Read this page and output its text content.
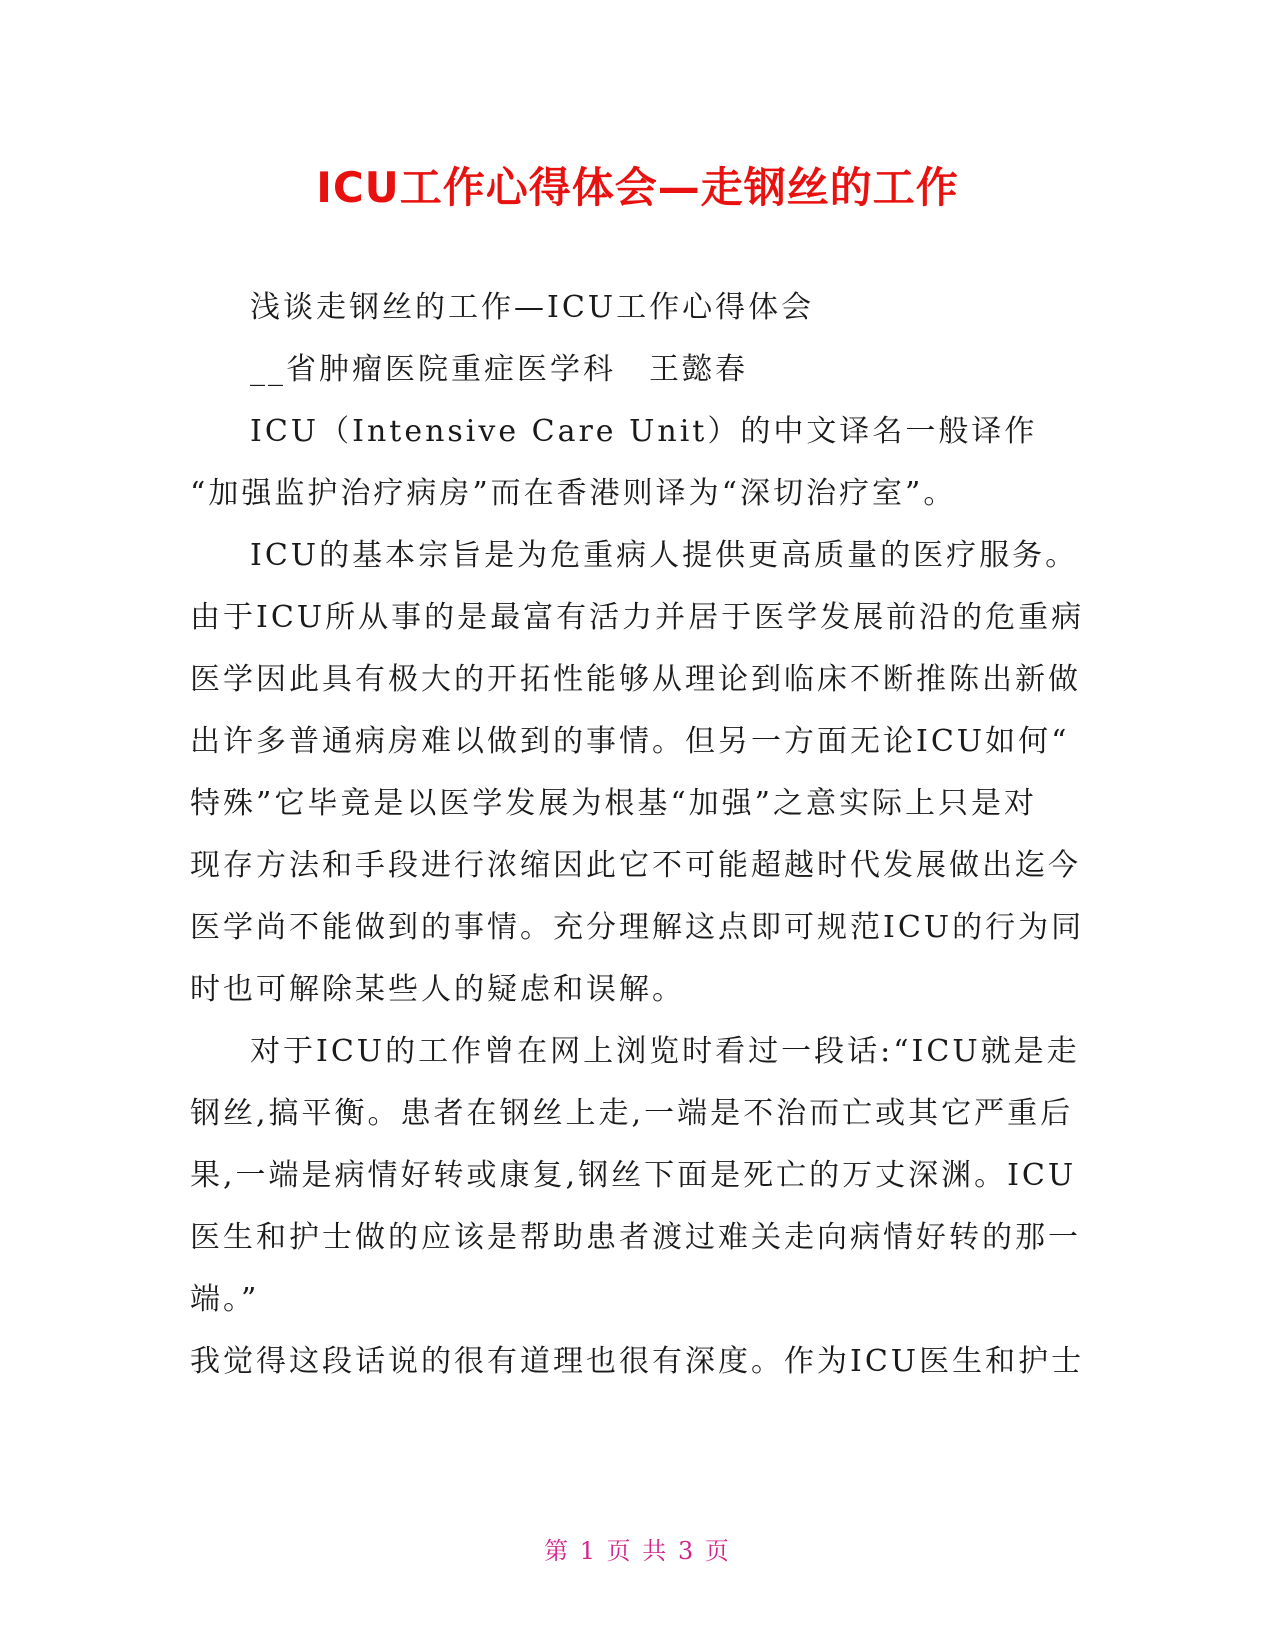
ICU工作心得体会—走钢丝的工作
浅谈走钢丝的工作—ICU工作心得体会
__省肿瘤医院重症医学科　王懿春
ICU（Intensive Care Unit）的中文译名一般译作
“加强监护治疗病房”而在香港则译为“深切治疗室”。
ICU的基本宗旨是为危重病人提供更高质量的医疗服务。
由于ICU所从事的是最富有活力并居于医学发展前沿的危重病
医学因此具有极大的开拓性能够从理论到临床不断推陈出新做
出许多普通病房难以做到的事情。但另一方面无论ICU如何“
特殊”它毕竟是以医学发展为根基“加强”之意实际上只是对
现存方法和手段进行浓缩因此它不可能超越时代发展做出迄今
医学尚不能做到的事情。充分理解这点即可规范ICU的行为同
时也可解除某些人的疑虑和误解。
对于ICU的工作曾在网上浏览时看过一段话:“ICU就是走
钢丝,搞平衡。患者在钢丝上走,一端是不治而亡或其它严重后
果,一端是病情好转或康复,钢丝下面是死亡的万丈深渊。ICU
医生和护士做的应该是帮助患者渡过难关走向病情好转的那一
端。”
我觉得这段话说的很有道理也很有深度。作为ICU医生和护士
第 1 页 共 3 页
